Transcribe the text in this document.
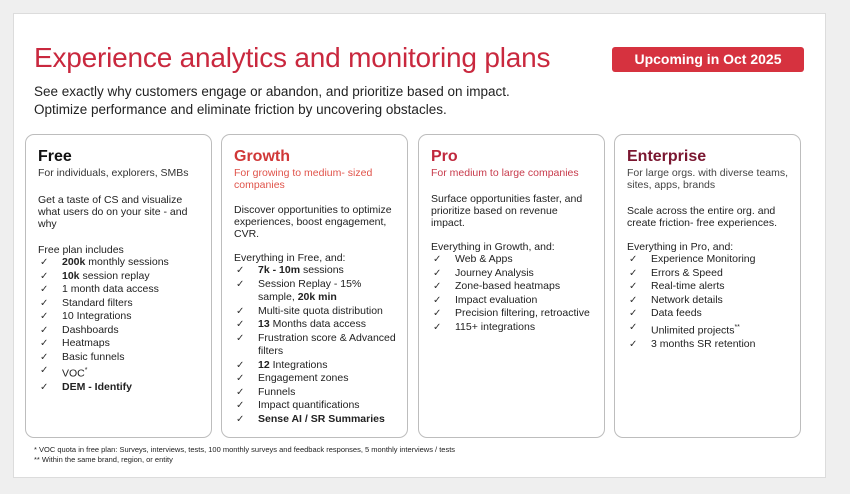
Experience analytics and monitoring plans	Upcoming in Oct 2025
See exactly why customers engage or abandon, and prioritize based on impact.
Optimize performance and eliminate friction by uncovering obstacles.
Free
For individuals, explorers, SMBs
Get a taste of CS and visualize what users do on your site - and why
Free plan includes
✓ 200k monthly sessions
✓ 10k session replay
✓ 1 month data access
✓ Standard filters
✓ 10 Integrations
✓ Dashboards
✓ Heatmaps
✓ Basic funnels
✓ VOC*
✓ DEM - Identify
Growth
For growing to medium- sized companies
Discover opportunities to optimize experiences, boost engagement, CVR.
Everything in Free, and:
✓ 7k - 10m sessions
✓ Session Replay - 15% sample, 20k min
✓ Multi-site quota distribution
✓ 13 Months data access
✓ Frustration score & Advanced filters
✓ 12 Integrations
✓ Engagement zones
✓ Funnels
✓ Impact quantifications
✓ Sense AI / SR Summaries
Pro
For medium to large companies
Surface opportunities faster, and prioritize based on revenue impact.
Everything in Growth, and:
✓ Web & Apps
✓ Journey Analysis
✓ Zone-based heatmaps
✓ Impact evaluation
✓ Precision filtering, retroactive
✓ 115+ integrations
Enterprise
For large orgs. with diverse teams, sites, apps, brands
Scale across the entire org. and create friction- free experiences.
Everything in Pro, and:
✓ Experience Monitoring
✓ Errors & Speed
✓ Real-time alerts
✓ Network details
✓ Data feeds
✓ Unlimited projects**
✓ 3 months SR retention
* VOC quota in free plan: Surveys, interviews, tests, 100 monthly surveys and feedback responses, 5 monthly interviews / tests
** Within the same brand, region, or entity
